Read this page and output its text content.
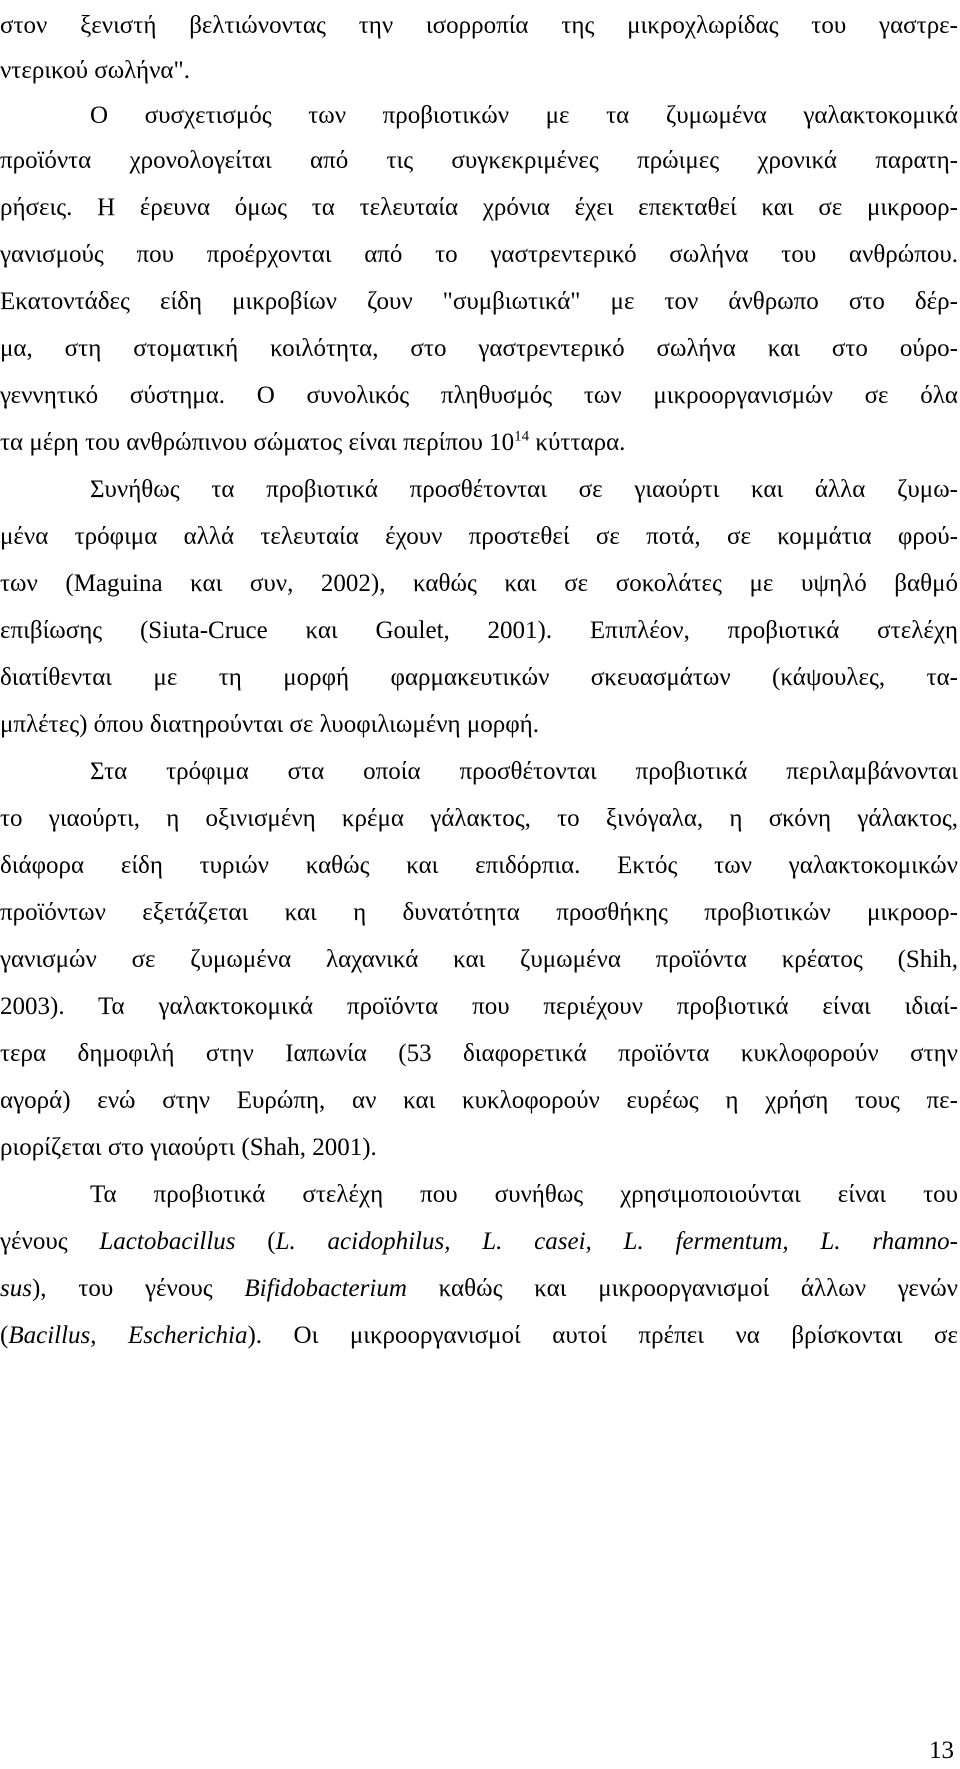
στον ξενιστή βελτιώνοντας την ισορροπία της μικροχλωρίδας του γαστρε-
ντερικού σωλήνα".
Ο συσχετισμός των προβιοτικών με τα ζυμωμένα γαλακτοκομικά
προϊόντα χρονολογείται από τις συγκεκριμένες πρώιμες χρονικά παρατη-
ρήσεις. Η έρευνα όμως τα τελευταία χρόνια έχει επεκταθεί και σε μικροορ-
γανισμούς που προέρχονται από το γαστρεντερικό σωλήνα του ανθρώπου.
Εκατοντάδες είδη μικροβίων ζουν "συμβιωτικά" με τον άνθρωπο στο δέρ-
μα, στη στοματική κοιλότητα, στο γαστρεντερικό σωλήνα και στο ούρο-
γεννητικό σύστημα. Ο συνολικός πληθυσμός των μικροοργανισμών σε όλα
τα μέρη του ανθρώπινου σώματος είναι περίπου $10^{14}$ κύτταρα.
Συνήθως τα προβιοτικά προσθέτονται σε γιαούρτι και άλλα ζυμω-
μένα τρόφιμα αλλά τελευταία έχουν προστεθεί σε ποτά, σε κομμάτια φρού-
των (Maguina και συν, 2002), καθώς και σε σοκολάτες με υψηλό βαθμό
επιβίωσης (Siuta-Cruce και Goulet, 2001). Επιπλέον, προβιοτικά στελέχη
διατίθενται με τη μορφή φαρμακευτικών σκευασμάτων (κάψουλες, τα-
μπλέτες) όπου διατηρούνται σε λυοφιλιωμένη μορφή.
Στα τρόφιμα στα οποία προσθέτονται προβιοτικά περιλαμβάνονται
το γιαούρτι, η οξινισμένη κρέμα γάλακτος, το ξινόγαλα, η σκόνη γάλακτος,
διάφορα είδη τυριών καθώς και επιδόρπια. Εκτός των γαλακτοκομικών
προϊόντων εξετάζεται και η δυνατότητα προσθήκης προβιοτικών μικροορ-
γανισμών σε ζυμωμένα λαχανικά και ζυμωμένα προϊόντα κρέατος (Shih,
2003). Τα γαλακτοκομικά προϊόντα που περιέχουν προβιοτικά είναι ιδιαί-
τερα δημοφιλή στην Ιαπωνία (53 διαφορετικά προϊόντα κυκλοφορούν στην
αγορά) ενώ στην Ευρώπη, αν και κυκλοφορούν ευρέως η χρήση τους πε-
ριορίζεται στο γιαούρτι (Shah, 2001).
Τα προβιοτικά στελέχη που συνήθως χρησιμοποιούνται είναι του
γένους Lactobacillus (L. acidophilus, L. casei, L. fermentum, L. rhamno-
sus), του γένους Bifidobacterium καθώς και μικροοργανισμοί άλλων γενών
(Bacillus, Escherichia). Οι μικροοργανισμοί αυτοί πρέπει να βρίσκονται σε
13
